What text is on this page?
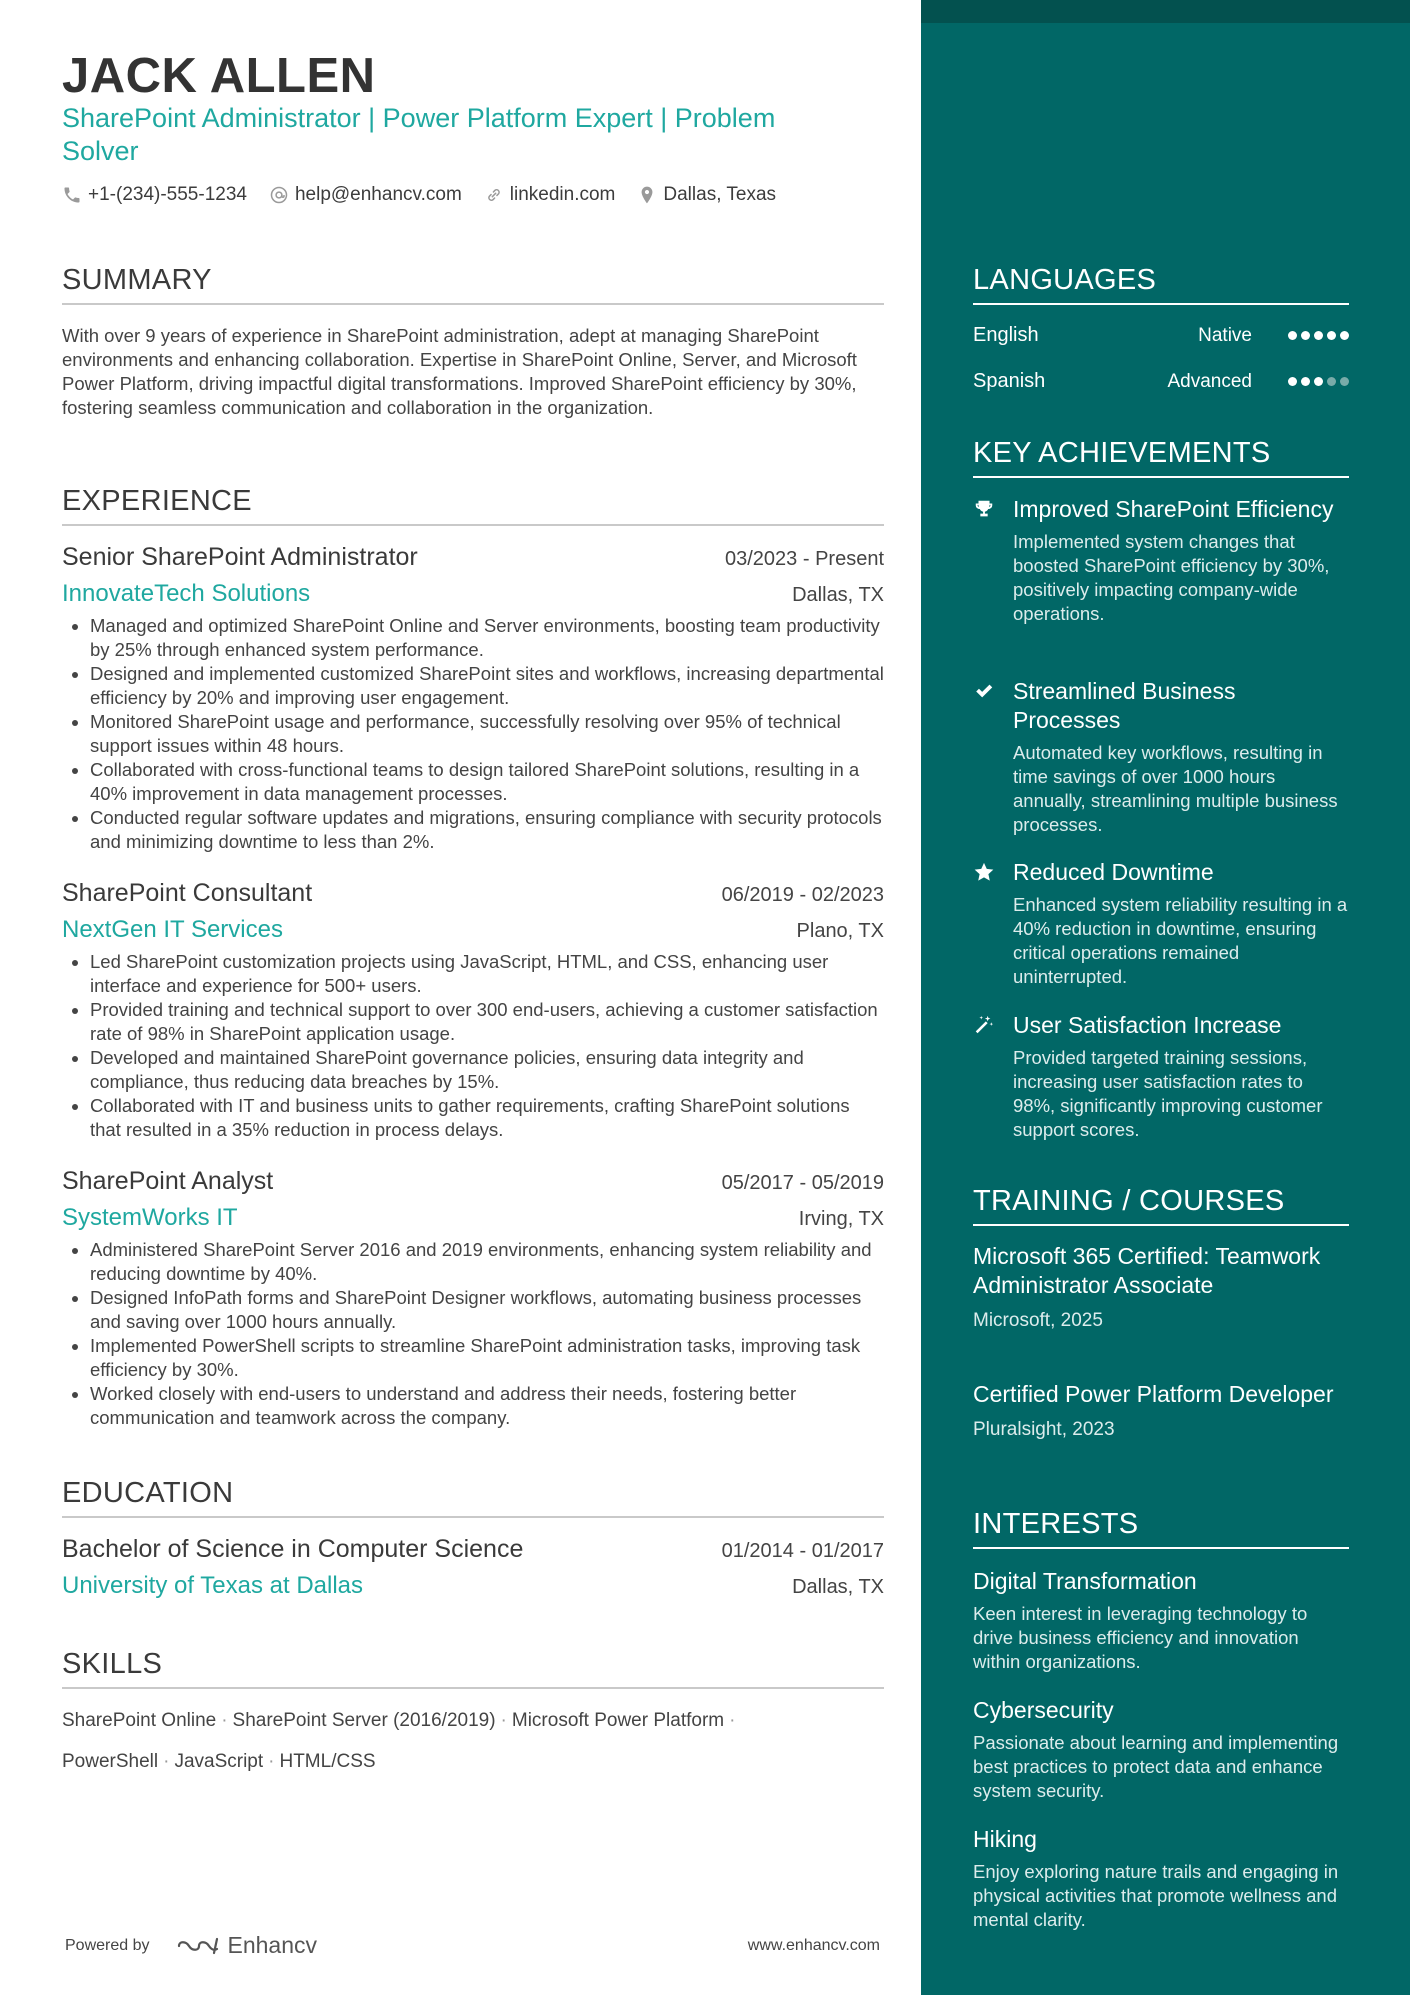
JACK ALLEN
SharePoint Administrator | Power Platform Expert | Problem Solver
+1-(234)-555-1234	help@enhancv.com	linkedin.com	Dallas, Texas
SUMMARY
With over 9 years of experience in SharePoint administration, adept at managing SharePoint environments and enhancing collaboration. Expertise in SharePoint Online, Server, and Microsoft Power Platform, driving impactful digital transformations. Improved SharePoint efficiency by 30%, fostering seamless communication and collaboration in the organization.
EXPERIENCE
Senior SharePoint Administrator	03/2023 - Present
InnovateTech Solutions	Dallas, TX
• Managed and optimized SharePoint Online and Server environments, boosting team productivity by 25% through enhanced system performance.
• Designed and implemented customized SharePoint sites and workflows, increasing departmental efficiency by 20% and improving user engagement.
• Monitored SharePoint usage and performance, successfully resolving over 95% of technical support issues within 48 hours.
• Collaborated with cross-functional teams to design tailored SharePoint solutions, resulting in a 40% improvement in data management processes.
• Conducted regular software updates and migrations, ensuring compliance with security protocols and minimizing downtime to less than 2%.
SharePoint Consultant	06/2019 - 02/2023
NextGen IT Services	Plano, TX
• Led SharePoint customization projects using JavaScript, HTML, and CSS, enhancing user interface and experience for 500+ users.
• Provided training and technical support to over 300 end-users, achieving a customer satisfaction rate of 98% in SharePoint application usage.
• Developed and maintained SharePoint governance policies, ensuring data integrity and compliance, thus reducing data breaches by 15%.
• Collaborated with IT and business units to gather requirements, crafting SharePoint solutions that resulted in a 35% reduction in process delays.
SharePoint Analyst	05/2017 - 05/2019
SystemWorks IT	Irving, TX
• Administered SharePoint Server 2016 and 2019 environments, enhancing system reliability and reducing downtime by 40%.
• Designed InfoPath forms and SharePoint Designer workflows, automating business processes and saving over 1000 hours annually.
• Implemented PowerShell scripts to streamline SharePoint administration tasks, improving task efficiency by 30%.
• Worked closely with end-users to understand and address their needs, fostering better communication and teamwork across the company.
EDUCATION
Bachelor of Science in Computer Science	01/2014 - 01/2017
University of Texas at Dallas	Dallas, TX
SKILLS
SharePoint Online · SharePoint Server (2016/2019) · Microsoft Power Platform ·
PowerShell · JavaScript · HTML/CSS
Powered by	Enhancv	www.enhancv.com
LANGUAGES
English	Native
Spanish	Advanced
KEY ACHIEVEMENTS
Improved SharePoint Efficiency
Implemented system changes that boosted SharePoint efficiency by 30%, positively impacting company-wide operations.
Streamlined Business Processes
Automated key workflows, resulting in time savings of over 1000 hours annually, streamlining multiple business processes.
Reduced Downtime
Enhanced system reliability resulting in a 40% reduction in downtime, ensuring critical operations remained uninterrupted.
User Satisfaction Increase
Provided targeted training sessions, increasing user satisfaction rates to 98%, significantly improving customer support scores.
TRAINING / COURSES
Microsoft 365 Certified: Teamwork Administrator Associate
Microsoft, 2025
Certified Power Platform Developer
Pluralsight, 2023
INTERESTS
Digital Transformation
Keen interest in leveraging technology to drive business efficiency and innovation within organizations.
Cybersecurity
Passionate about learning and implementing best practices to protect data and enhance system security.
Hiking
Enjoy exploring nature trails and engaging in physical activities that promote wellness and mental clarity.
